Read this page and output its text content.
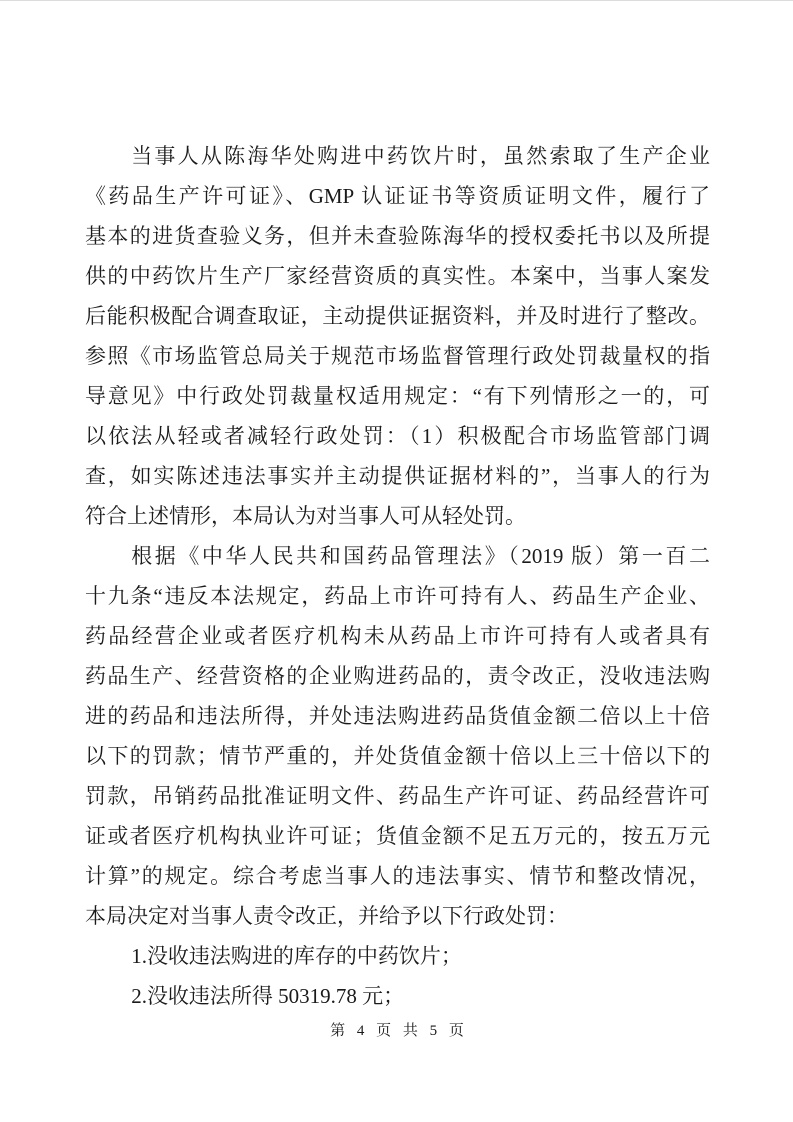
当事人从陈海华处购进中药饮片时，虽然索取了生产企业
《药品生产许可证》、GMP 认证证书等资质证明文件，履行了
基本的进货查验义务，但并未查验陈海华的授权委托书以及所提
供的中药饮片生产厂家经营资质的真实性。本案中，当事人案发
后能积极配合调查取证，主动提供证据资料，并及时进行了整改。
参照《市场监管总局关于规范市场监督管理行政处罚裁量权的指
导意见》中行政处罚裁量权适用规定：“有下列情形之一的，可
以依法从轻或者减轻行政处罚：（1）积极配合市场监管部门调
查，如实陈述违法事实并主动提供证据材料的”，当事人的行为
符合上述情形，本局认为对当事人可从轻处罚。
根据《中华人民共和国药品管理法》（2019 版）第一百二
十九条“违反本法规定，药品上市许可持有人、药品生产企业、
药品经营企业或者医疗机构未从药品上市许可持有人或者具有
药品生产、经营资格的企业购进药品的，责令改正，没收违法购
进的药品和违法所得，并处违法购进药品货值金额二倍以上十倍
以下的罚款；情节严重的，并处货值金额十倍以上三十倍以下的
罚款，吊销药品批准证明文件、药品生产许可证、药品经营许可
证或者医疗机构执业许可证；货值金额不足五万元的，按五万元
计算”的规定。综合考虑当事人的违法事实、情节和整改情况，
本局决定对当事人责令改正，并给予以下行政处罚：
1.没收违法购进的库存的中药饮片；
2.没收违法所得 50319.78 元；
第 4 页 共 5 页
